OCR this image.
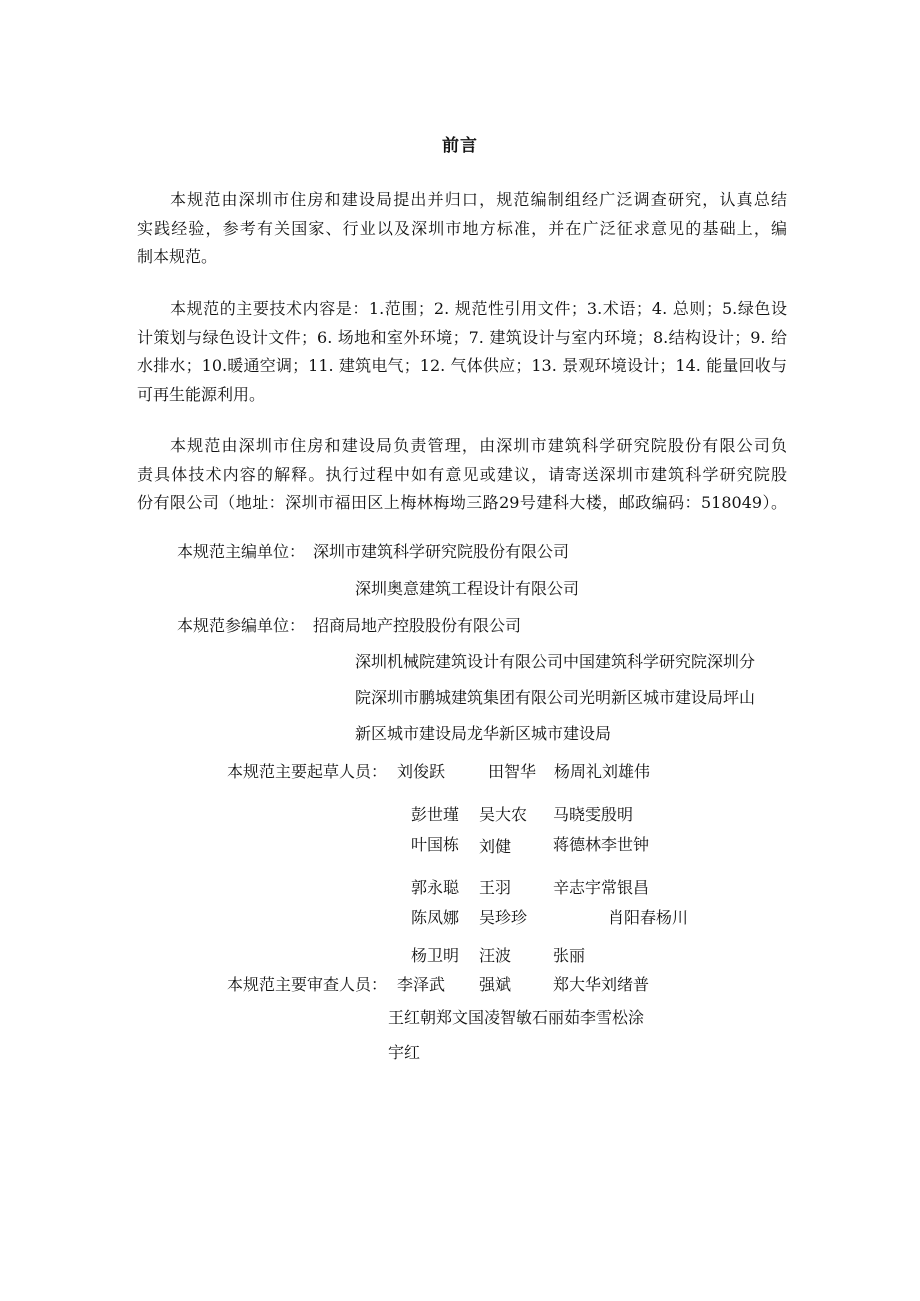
前言
本规范由深圳市住房和建设局提出并归口，规范编制组经广泛调查研究，认真总结
实践经验，参考有关国家、行业以及深圳市地方标准，并在广泛征求意见的基础上，编
制本规范。
本规范的主要技术内容是：1.范围；2. 规范性引用文件；3.术语；4. 总则；5.绿色设
计策划与绿色设计文件；6. 场地和室外环境；7. 建筑设计与室内环境；8.结构设计；9. 给
水排水；10.暖通空调；11. 建筑电气；12. 气体供应；13. 景观环境设计；14. 能量回收与
可再生能源利用。
本规范由深圳市住房和建设局负责管理，由深圳市建筑科学研究院股份有限公司负
责具体技术内容的解释。执行过程中如有意见或建议，请寄送深圳市建筑科学研究院股
份有限公司（地址：深圳市福田区上梅林梅坳三路29号建科大楼，邮政编码：518049）。
本规范主编单位： 深圳市建筑科学研究院股份有限公司
深圳奥意建筑工程设计有限公司
本规范参编单位： 招商局地产控股股份有限公司
深圳机械院建筑设计有限公司中国建筑科学研究院深圳分
院深圳市鹏城建筑集团有限公司光明新区城市建设局坪山
新区城市建设局龙华新区城市建设局
本规范主要起草人员： 刘俊跃	田智华 杨周礼刘雄伟
彭世瑾 吴大农 马晓雯殷明
叶国栋 刘健	蒋德林李世钟
郭永聪 王羽	辛志宇常银昌
陈凤娜 吴珍珍	肖阳春杨川
杨卫明 汪波	张丽
本规范主要审查人员： 李泽武 强斌	郑大华刘绪普
王红朝郑文国凌智敏石丽茹李雪松涂
宇红
